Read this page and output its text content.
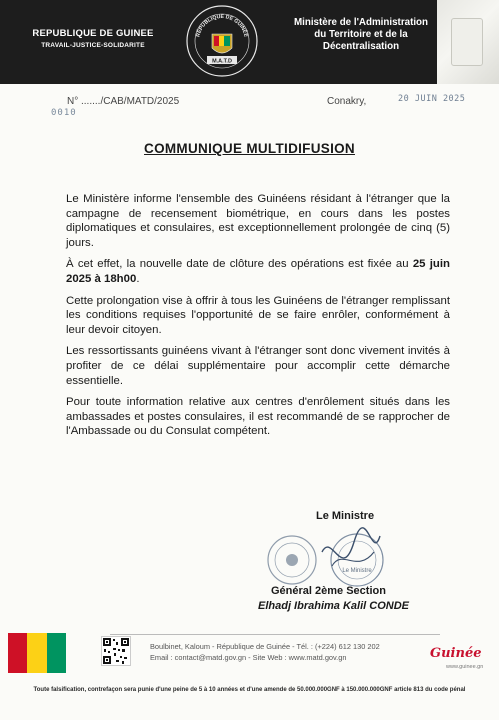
REPUBLIQUE DE GUINEE
TRAVAIL-JUSTICE-SOLIDARITE
RÉPUBLIQUE DE GUINÉE
M.A.T.D
Ministère de l'Administration
du Territoire et de la
Décentralisation
N° ......./CAB/MATD/2025
0010
Conakry,	20 JUIN 2025
COMMUNIQUE MULTIDIFUSION

Le Ministère informe l'ensemble des Guinéens résidant à l'étranger que la campagne de recensement biométrique, en cours dans les postes diplomatiques et consulaires, est exceptionnellement prolongée de cinq (5) jours.

À cet effet, la nouvelle date de clôture des opérations est fixée au 25 juin 2025 à 18h00.

Cette prolongation vise à offrir à tous les Guinéens de l'étranger remplissant les conditions requises l'opportunité de se faire enrôler, conformément à leur devoir citoyen.

Les ressortissants guinéens vivant à l'étranger sont donc vivement invités à profiter de ce délai supplémentaire pour accomplir cette démarche essentielle.

Pour toute information relative aux centres d'enrôlement situés dans les ambassades et postes consulaires, il est recommandé de se rapprocher de l'Ambassade ou du Consulat compétent.

Le Ministre
Le Ministre
Général 2ème Section
Elhadj Ibrahima Kalil CONDE
Boulbinet, Kaloum - République de Guinée - Tél. : (+224) 612 130 202
Email : contact@matd.gov.gn - Site Web : www.matd.gov.gn	Guinée
www.guinee.gn
Toute falsification, contrefaçon sera punie d'une peine de 5 à 10 années et d'une amende de 50.000.000GNF à 150.000.000GNF article 813 du code pénal
